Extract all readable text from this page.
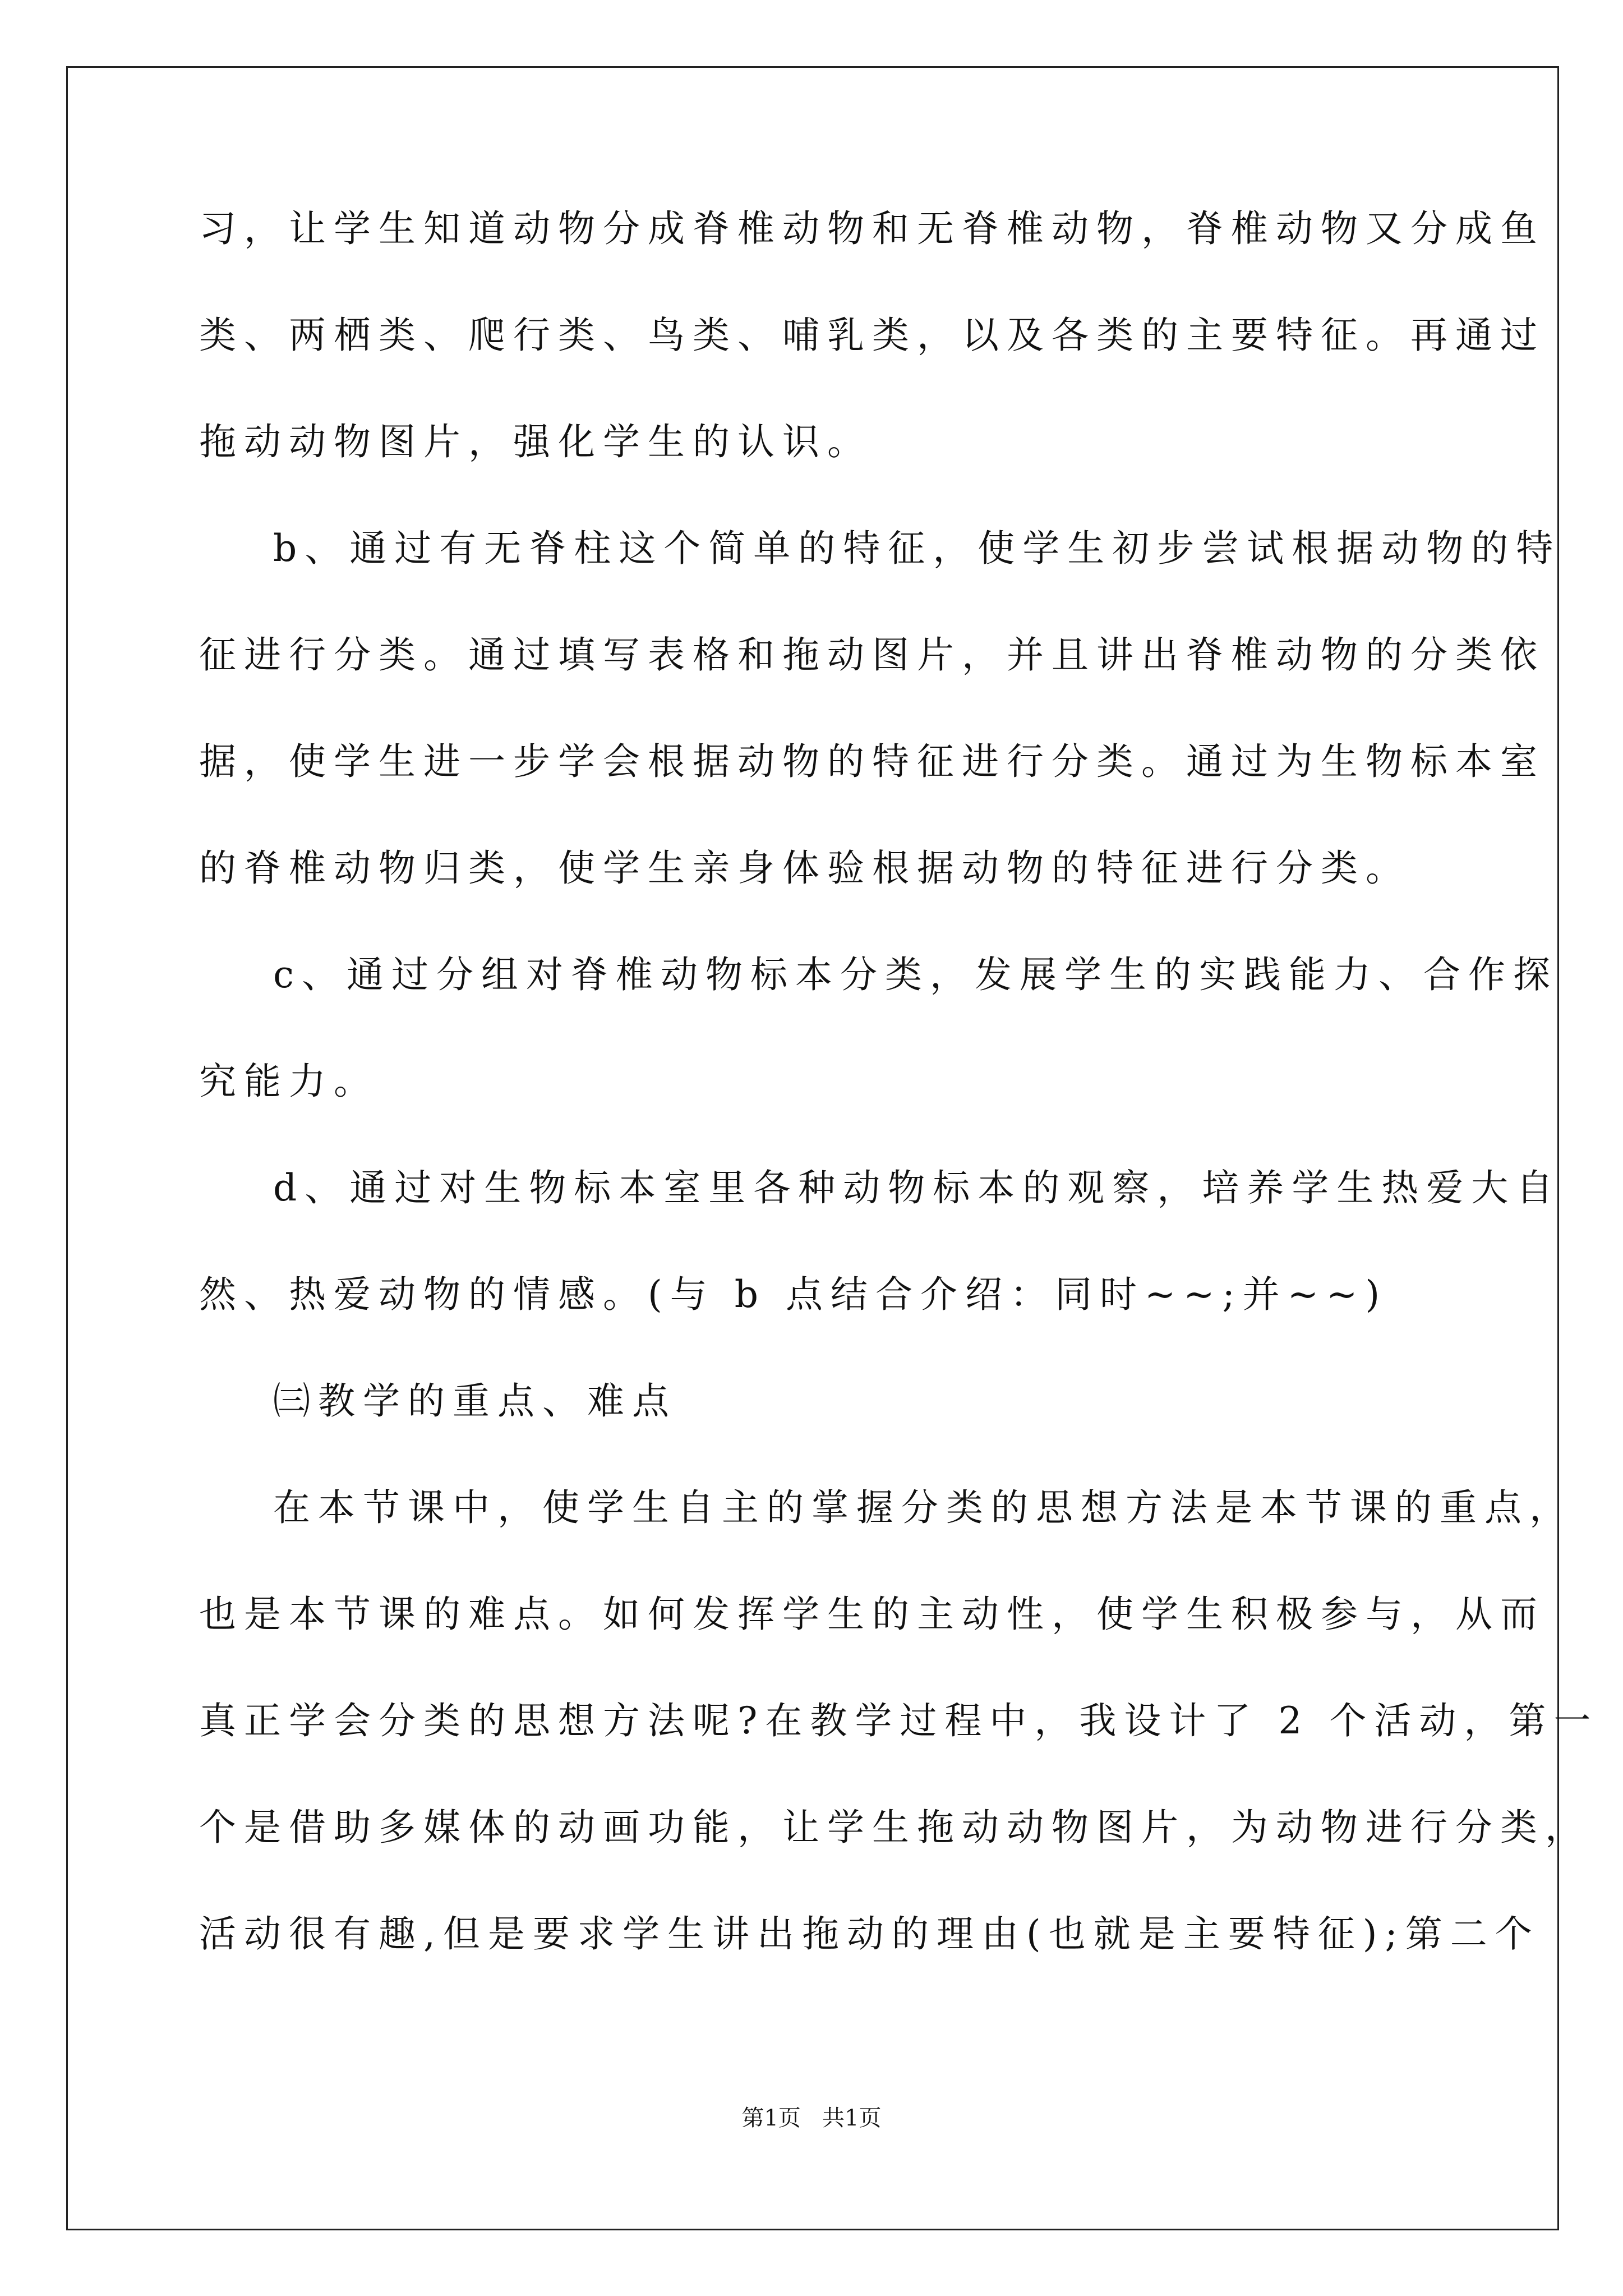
习，让学生知道动物分成脊椎动物和无脊椎动物，脊椎动物又分成鱼
类、两栖类、爬行类、鸟类、哺乳类，以及各类的主要特征。再通过
拖动动物图片，强化学生的认识。
b、通过有无脊柱这个简单的特征，使学生初步尝试根据动物的特
征进行分类。通过填写表格和拖动图片，并且讲出脊椎动物的分类依
据，使学生进一步学会根据动物的特征进行分类。通过为生物标本室
的脊椎动物归类，使学生亲身体验根据动物的特征进行分类。
c、通过分组对脊椎动物标本分类，发展学生的实践能力、合作探
究能力。
d、通过对生物标本室里各种动物标本的观察，培养学生热爱大自
然、热爱动物的情感。(与 b 点结合介绍：同时~~;并~~)
㈢教学的重点、难点
在本节课中，使学生自主的掌握分类的思想方法是本节课的重点，
也是本节课的难点。如何发挥学生的主动性，使学生积极参与，从而
真正学会分类的思想方法呢?在教学过程中，我设计了 2 个活动，第一
个是借助多媒体的动画功能，让学生拖动动物图片，为动物进行分类，
活动很有趣,但是要求学生讲出拖动的理由(也就是主要特征);第二个
第1页   共1页
